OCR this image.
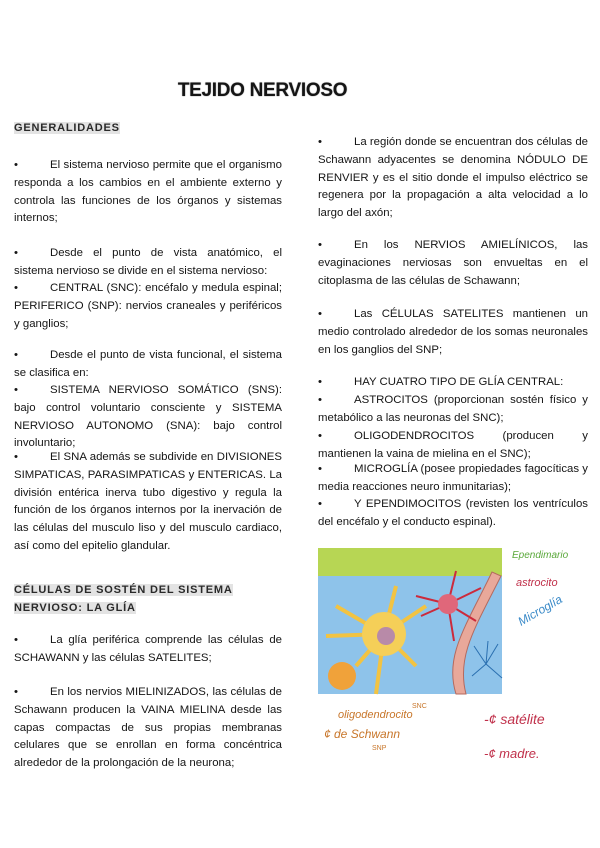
TEJIDO NERVIOSO
GENERALIDADES
•	El sistema nervioso permite que el organismo responda a los cambios en el ambiente externo y controla las funciones de los órganos y sistemas internos;
•	Desde el punto de vista anatómico, el sistema nervioso se divide en el sistema nervioso:
•	CENTRAL (SNC): encéfalo y medula espinal; PERIFERICO (SNP): nervios craneales y periféricos y ganglios;
•	Desde el punto de vista funcional, el sistema se clasifica en:
•	SISTEMA NERVIOSO SOMÁTICO (SNS): bajo control voluntario consciente y SISTEMA NERVIOSO AUTONOMO (SNA): bajo control involuntario;
•	El SNA además se subdivide en DIVISIONES SIMPATICAS, PARASIMPATICAS y ENTERICAS. La división entérica inerva tubo digestivo y regula la función de los órganos internos por la inervación de las células del musculo liso y del musculo cardiaco, así como del epitelio glandular.
CÉLULAS DE SOSTÉN DEL SISTEMA NERVIOSO: LA GLÍA
•	La glía periférica comprende las células de SCHAWANN y las células SATELITES;
•	En los nervios MIELINIZADOS, las células de Schawann producen la VAINA MIELINA desde las capas compactas de sus propias membranas celulares que se enrollan en forma concéntrica alrededor de la prolongación de la neurona;
•	La región donde se encuentran dos células de Schawann adyacentes se denomina NÓDULO DE RENVIER y es el sitio donde el impulso eléctrico se regenera por la propagación a alta velocidad a lo largo del axón;
•	En los NERVIOS AMIELÍNICOS, las evaginaciones nerviosas son envueltas en el citoplasma de las células de Schawann;
•	Las CÉLULAS SATELITES mantienen un medio controlado alrededor de los somas neuronales en los ganglios del SNP;
•	HAY CUATRO TIPO DE GLÍA CENTRAL:
•	ASTROCITOS (proporcionan sostén físico y metabólico a las neuronas del SNC);
•	OLIGODENDROCITOS (producen y mantienen la vaina de mielina en el SNC);
•	MICROGLÍA (posee propiedades fagocíticas y media reacciones neuro inmunitarias);
•	Y EPENDIMOCITOS (revisten los ventrículos del encéfalo y el conducto espinal).
Ependimario
astrocito
Microglía
oligodendrocito
SNC
¢ de Schwann
SNP
-¢ satélite
-¢ madre.
